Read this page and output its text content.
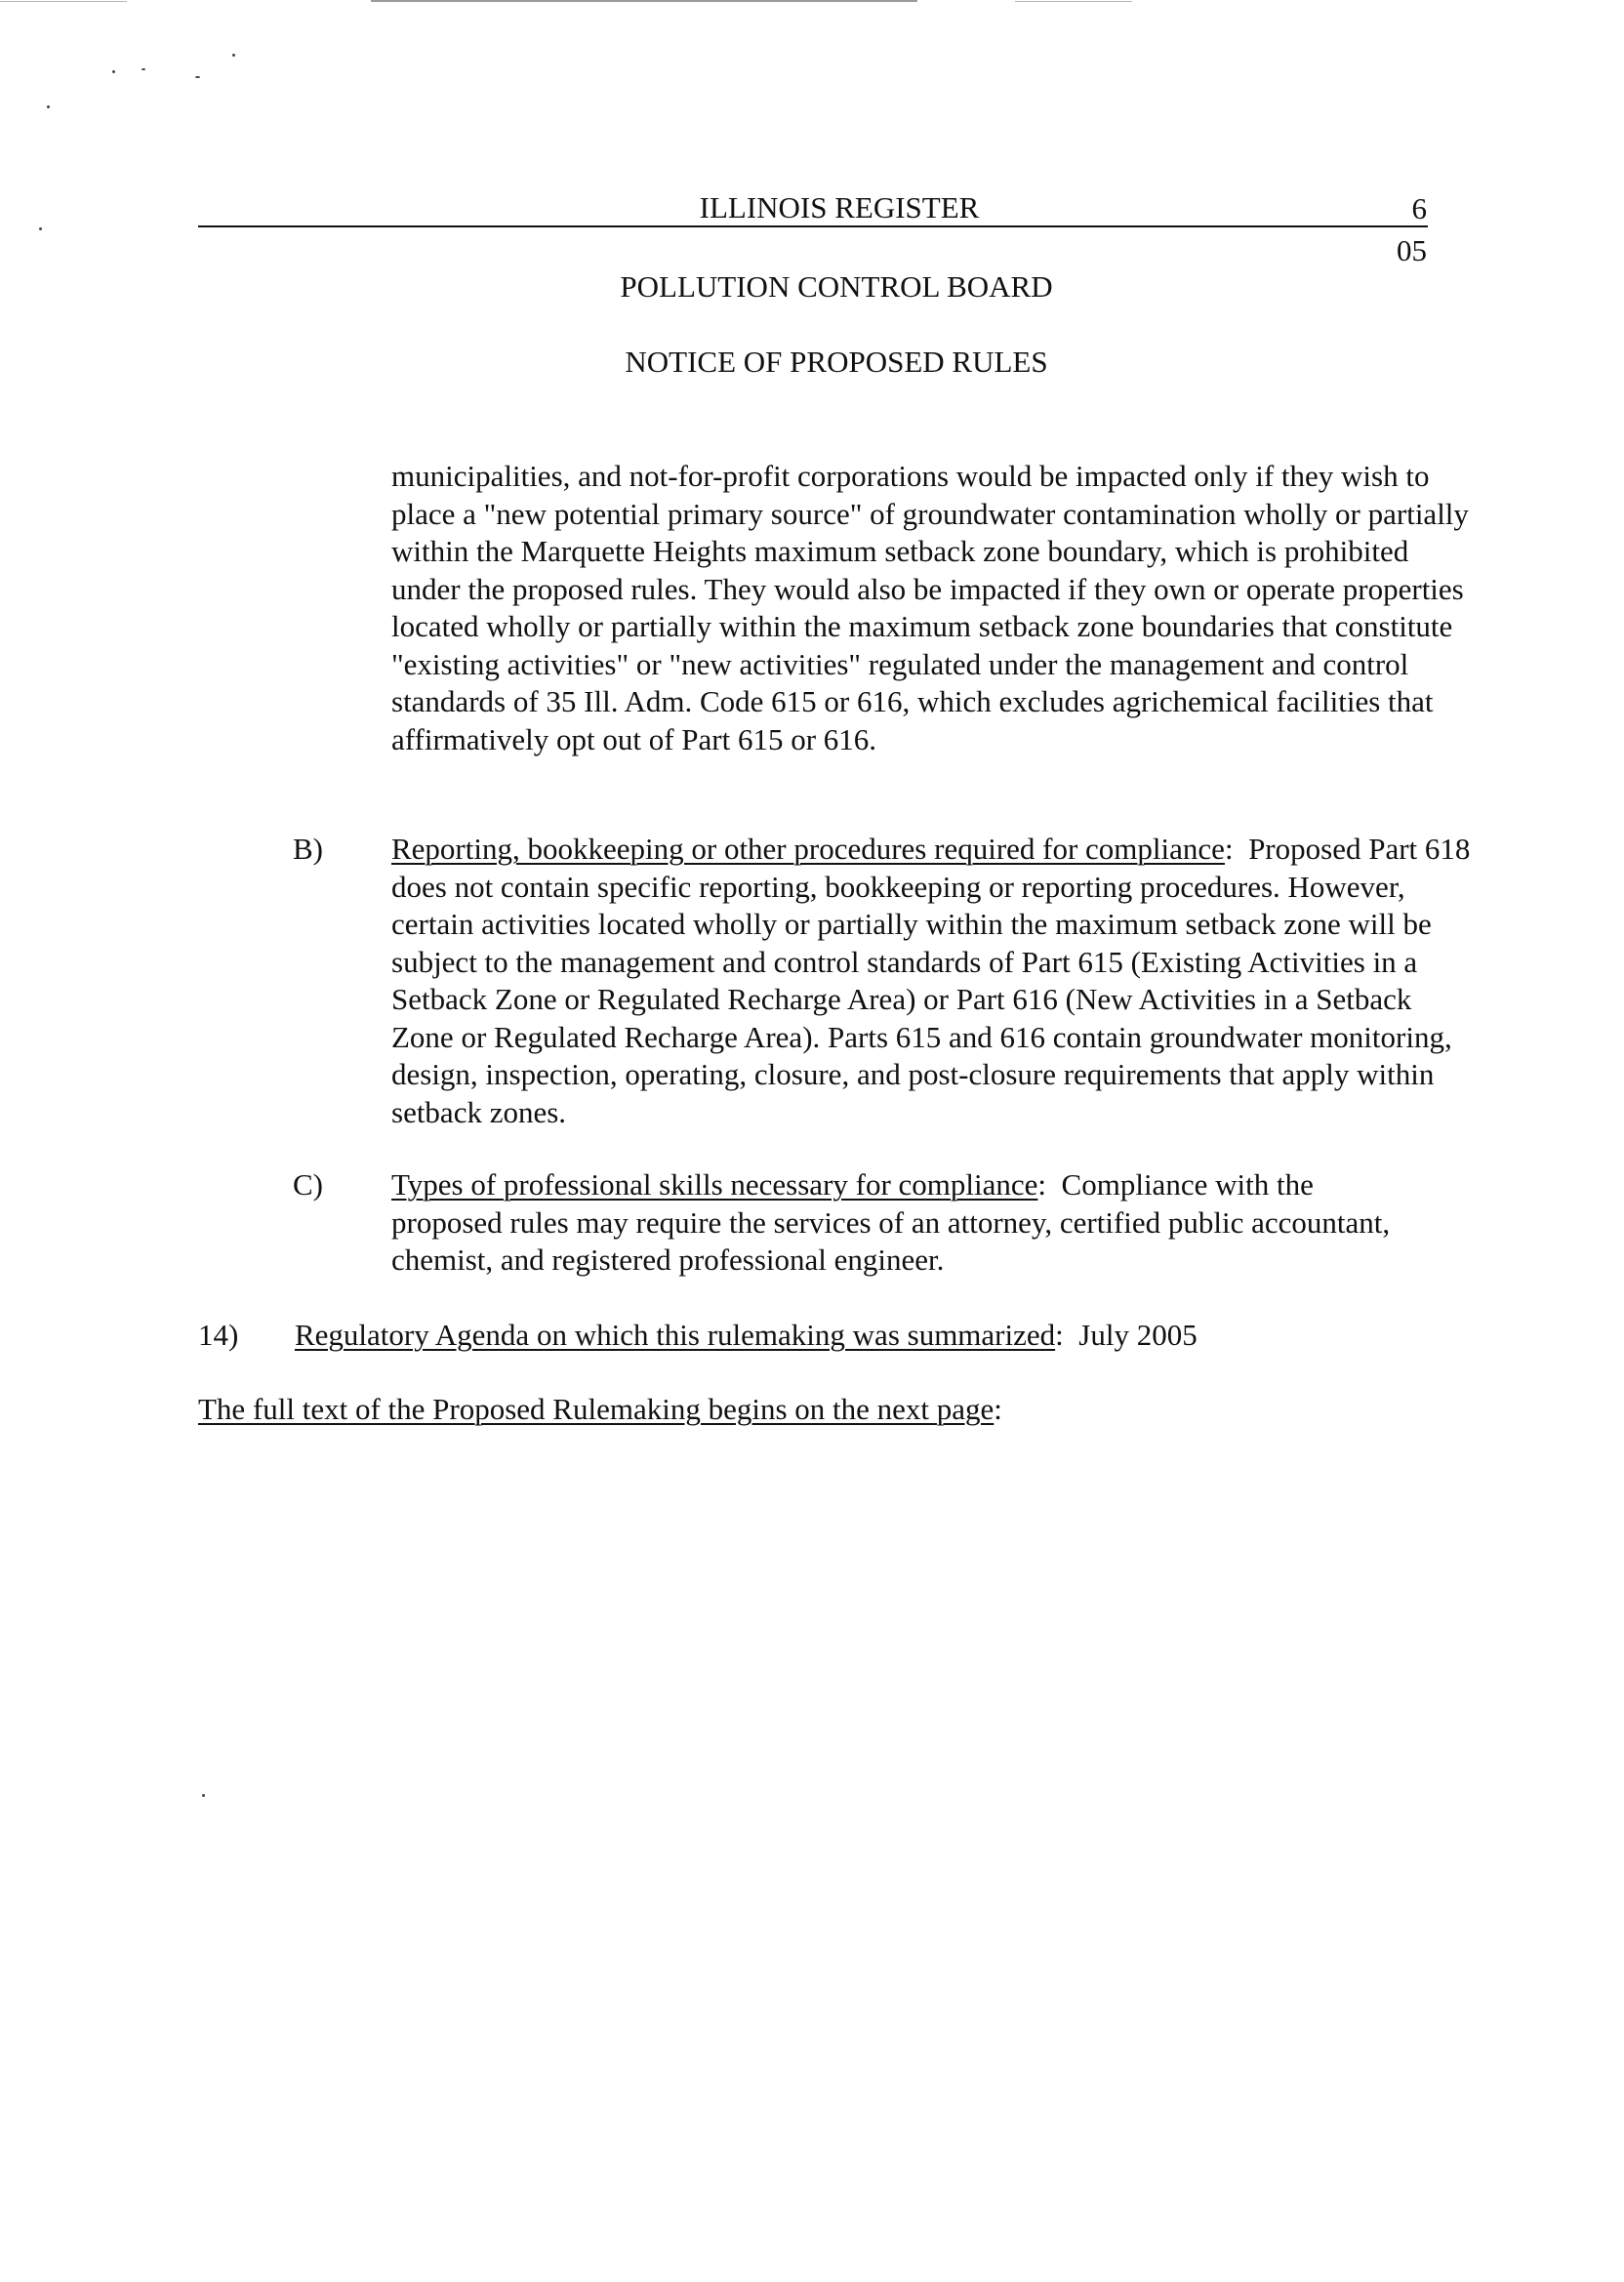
ILLINOIS REGISTER	6
05
POLLUTION CONTROL BOARD
NOTICE OF PROPOSED RULES
municipalities, and not-for-profit corporations would be impacted only if they wish to place a "new potential primary source" of groundwater contamination wholly or partially within the Marquette Heights maximum setback zone boundary, which is prohibited under the proposed rules. They would also be impacted if they own or operate properties located wholly or partially within the maximum setback zone boundaries that constitute "existing activities" or "new activities" regulated under the management and control standards of 35 Ill. Adm. Code 615 or 616, which excludes agrichemical facilities that affirmatively opt out of Part 615 or 616.
B) Reporting, bookkeeping or other procedures required for compliance: Proposed Part 618 does not contain specific reporting, bookkeeping or reporting procedures. However, certain activities located wholly or partially within the maximum setback zone will be subject to the management and control standards of Part 615 (Existing Activities in a Setback Zone or Regulated Recharge Area) or Part 616 (New Activities in a Setback Zone or Regulated Recharge Area). Parts 615 and 616 contain groundwater monitoring, design, inspection, operating, closure, and post-closure requirements that apply within setback zones.
C) Types of professional skills necessary for compliance: Compliance with the proposed rules may require the services of an attorney, certified public accountant, chemist, and registered professional engineer.
14) Regulatory Agenda on which this rulemaking was summarized: July 2005
The full text of the Proposed Rulemaking begins on the next page:
